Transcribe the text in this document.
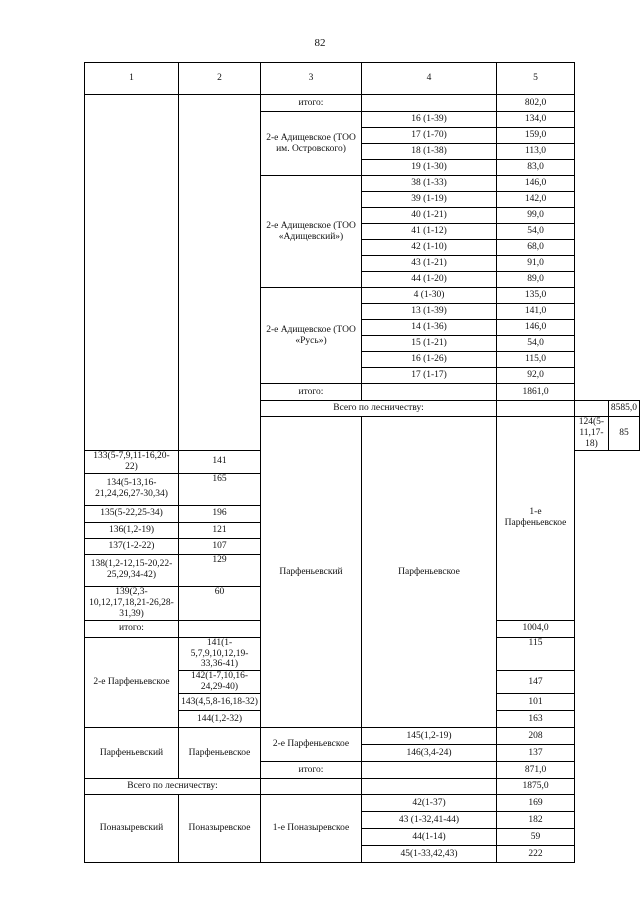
82
1	2	3	4	5		
		итого:		802,0		
		2-е Адищевское (ТОО им. Островского)	16 (1-39)	134,0		
			17 (1-70)	159,0		
			18 (1-38)	113,0		
			19 (1-30)	83,0		
		2-е Адищевское (ТОО «Адищевский»)	38 (1-33)	146,0		
			39 (1-19)	142,0		
			40 (1-21)	99,0		
			41 (1-12)	54,0		
			42 (1-10)	68,0		
			43 (1-21)	91,0		
			44 (1-20)	89,0		
		2-е Адищевское (ТОО «Русь»)	4 (1-30)	135,0		
			13 (1-39)	141,0		
			14 (1-36)	146,0		
			15 (1-21)	54,0		
			16 (1-26)	115,0		
			17 (1-17)	92,0		
		итого:		1861,0		
		Всего по лесничеству:				8585,0
		Парфеньевский	Парфеньевское	1-е Парфеньевское	124(5-11,17-18)	85
133(5-7,9,11-16,20-22)	141					
134(5-13,16-21,24,26,27-30,34)	165					
135(5-22,25-34)	196					
136(1,2-19)	121					
137(1-2-22)	107					
138(1,2-12,15-20,22-25,29,34-42)	129					
139(2,3-10,12,17,18,21-26,28-31,39)	60					
итого:				1004,0		
2-е Парфеньевское	141(1-5,7,9,10,12,19-33,36-41)			115		
	142(1-7,10,16-24,29-40)			147		
	143(4,5,8-16,18-32)			101		
	144(1,2-32)			163		
Парфеньевский	Парфеньевское	2-е Парфеньевское	145(1,2-19)	208		
			146(3,4-24)	137		
		итого:		871,0		
Всего по лесничеству:				1875,0		
Поназыревский	Поназыревское	1-е Поназыревское	42(1-37)	169		
			43 (1-32,41-44)	182		
			44(1-14)	59		
			45(1-33,42,43)	222		
